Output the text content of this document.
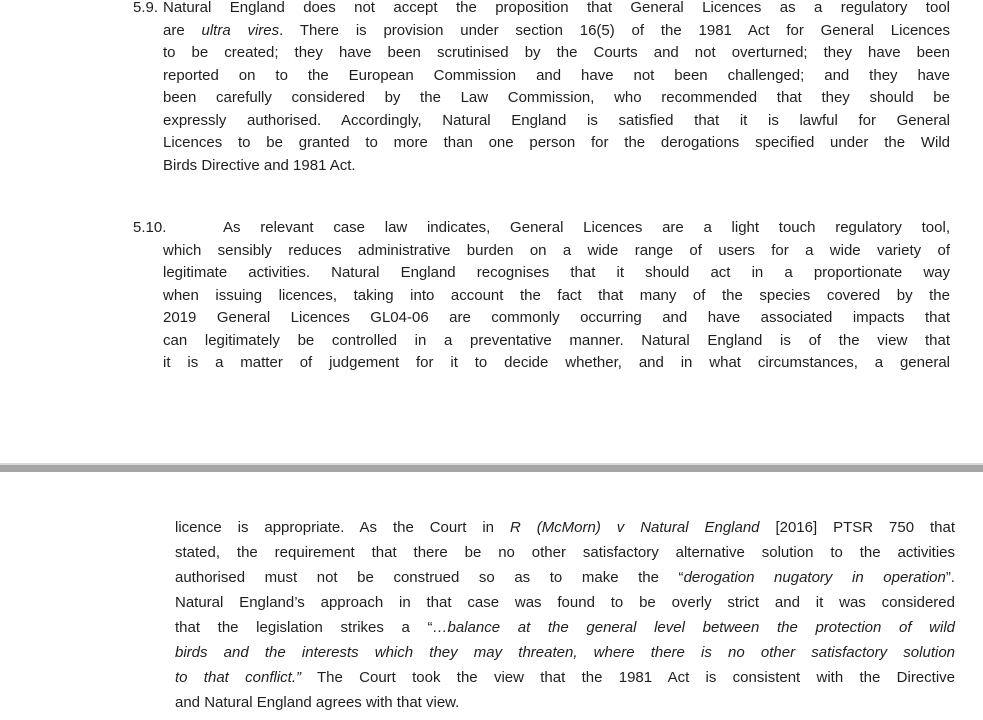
5.9. Natural England does not accept the proposition that General Licences as a regulatory tool
are ultra vires. There is provision under section 16(5) of the 1981 Act for General Licences
to be created; they have been scrutinised by the Courts and not overturned; they have been
reported on to the European Commission and have not been challenged; and they have
been carefully considered by the Law Commission, who recommended that they should be
expressly authorised. Accordingly, Natural England is satisfied that it is lawful for General
Licences to be granted to more than one person for the derogations specified under the Wild
Birds Directive and 1981 Act.
5.10.	As relevant case law indicates, General Licences are a light touch regulatory tool,
which sensibly reduces administrative burden on a wide range of users for a wide variety of
legitimate activities. Natural England recognises that it should act in a proportionate way
when issuing licences, taking into account the fact that many of the species covered by the
2019 General Licences GL04-06 are commonly occurring and have associated impacts that
can legitimately be controlled in a preventative manner. Natural England is of the view that
it is a matter of judgement for it to decide whether, and in what circumstances, a general
licence is appropriate. As the Court in R (McMorn) v Natural England [2016] PTSR 750 that
stated, the requirement that there be no other satisfactory alternative solution to the activities
authorised must not be construed so as to make the “derogation nugatory in operation”.
Natural England’s approach in that case was found to be overly strict and it was considered
that the legislation strikes a “…balance at the general level between the protection of wild
birds and the interests which they may threaten, where there is no other satisfactory solution
to that conflict.” The Court took the view that the 1981 Act is consistent with the Directive
and Natural England agrees with that view.
